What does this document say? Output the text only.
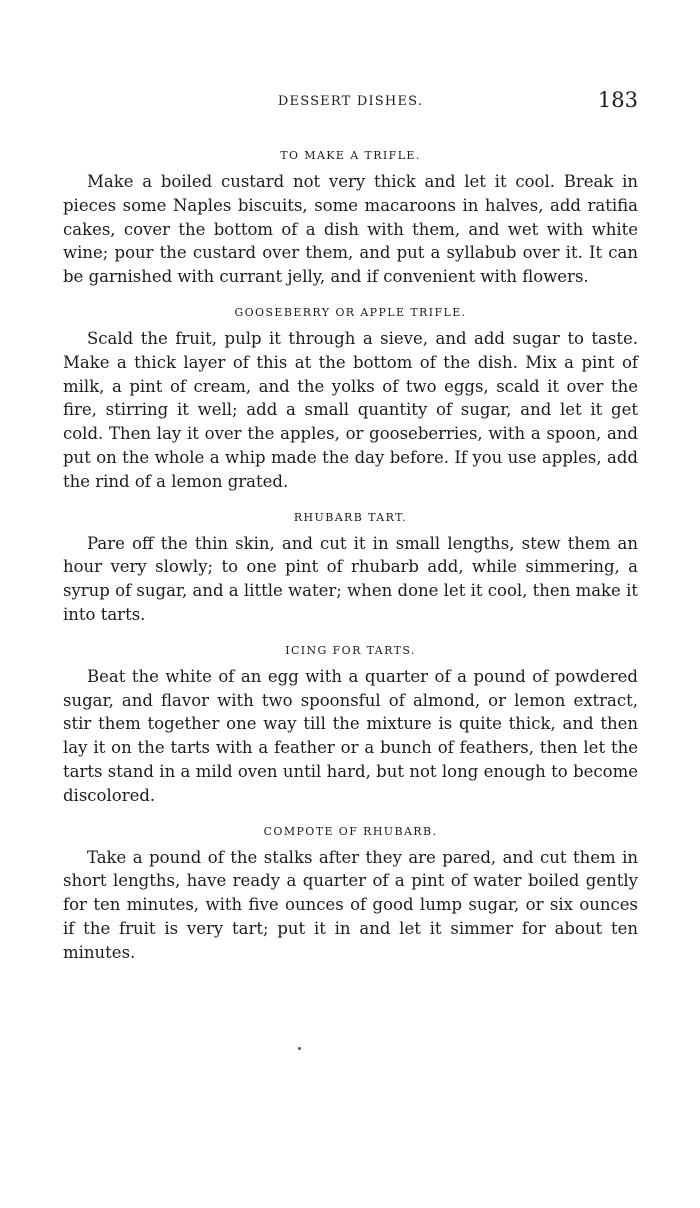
DESSERT DISHES.	183
TO MAKE A TRIFLE.

Make a boiled custard not very thick and let it cool. Break in pieces some Naples biscuits, some macaroons in halves, add ratifia cakes, cover the bottom of a dish with them, and wet with white wine; pour the custard over them, and put a syllabub over it. It can be garnished with currant jelly, and if convenient with flowers.

GOOSEBERRY OR APPLE TRIFLE.

Scald the fruit, pulp it through a sieve, and add sugar to taste. Make a thick layer of this at the bottom of the dish. Mix a pint of milk, a pint of cream, and the yolks of two eggs, scald it over the fire, stirring it well; add a small quantity of sugar, and let it get cold. Then lay it over the apples, or gooseberries, with a spoon, and put on the whole a whip made the day before. If you use apples, add the rind of a lemon grated.

RHUBARB TART.

Pare off the thin skin, and cut it in small lengths, stew them an hour very slowly; to one pint of rhubarb add, while simmering, a syrup of sugar, and a little water; when done let it cool, then make it into tarts.

ICING FOR TARTS.

Beat the white of an egg with a quarter of a pound of powdered sugar, and flavor with two spoonsful of almond, or lemon extract, stir them together one way till the mixture is quite thick, and then lay it on the tarts with a feather or a bunch of feathers, then let the tarts stand in a mild oven until hard, but not long enough to become discolored.

COMPOTE OF RHUBARB.

Take a pound of the stalks after they are pared, and cut them in short lengths, have ready a quarter of a pint of water boiled gently for ten minutes, with five ounces of good lump sugar, or six ounces if the fruit is very tart; put it in and let it simmer for about ten minutes.
